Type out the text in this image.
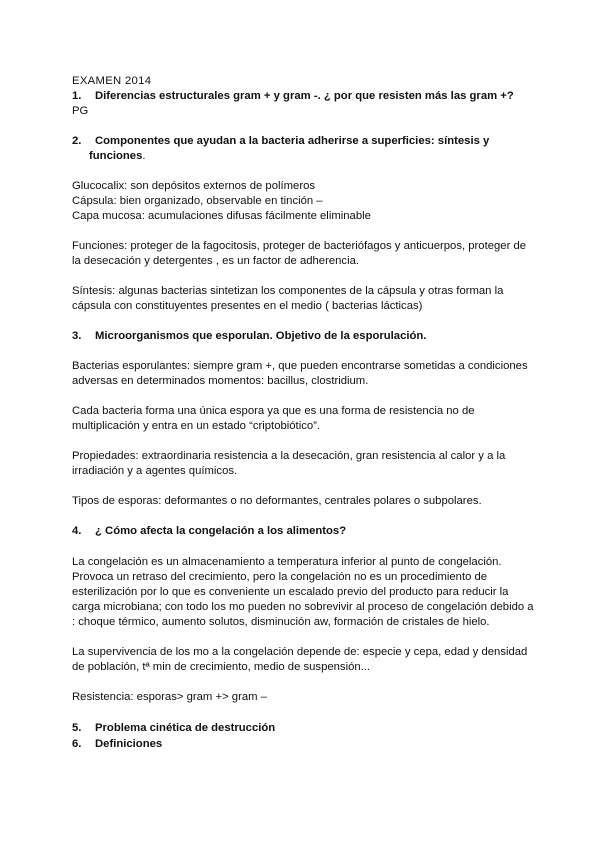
EXAMEN 2014
1. Diferencias estructurales gram + y gram -. ¿ por que resisten más las gram +?
PG
2. Componentes que ayudan a la bacteria adherirse a superficies: síntesis y
funciones.
Glucocalix: son depósitos externos de polímeros
Cápsula: bien organizado, observable en tinción –
Capa mucosa: acumulaciones difusas fácilmente eliminable
Funciones: proteger de la fagocitosis, proteger de bacteriófagos y anticuerpos, proteger de
la desecación y detergentes , es un factor de adherencia.
Síntesis: algunas bacterias sintetizan los componentes de la cápsula y otras forman la
cápsula con constituyentes presentes en el medio ( bacterias lácticas)
3. Microorganismos que esporulan. Objetivo de la esporulación.
Bacterias esporulantes: siempre gram +, que pueden encontrarse sometidas a condiciones
adversas en determinados momentos: bacillus, clostridium.
Cada bacteria forma una única espora ya que es una forma de resistencia no de
multiplicación y entra en un estado “criptobiótico”.
Propiedades: extraordinaria resistencia a la desecación, gran resistencia al calor y a la
irradiación y a agentes químicos.
Tipos de esporas: deformantes o no deformantes, centrales polares o subpolares.
4. ¿ Cómo afecta la congelación a los alimentos?
La congelación es un almacenamiento a temperatura inferior al punto de congelación.
Provoca un retraso del crecimiento, pero la congelación no es un procedimiento de
esterilización por lo que es conveniente un escalado previo del producto para reducir la
carga microbiana; con todo los mo pueden no sobrevivir al proceso de congelación debido a
: choque térmico, aumento solutos, disminución aw, formación de cristales de hielo.
La supervivencia de los mo a la congelación depende de: especie y cepa, edad y densidad
de población, tª min de crecimiento, medio de suspensión...
Resistencia: esporas> gram +> gram –
5. Problema cinética de destrucción
6. Definiciones
